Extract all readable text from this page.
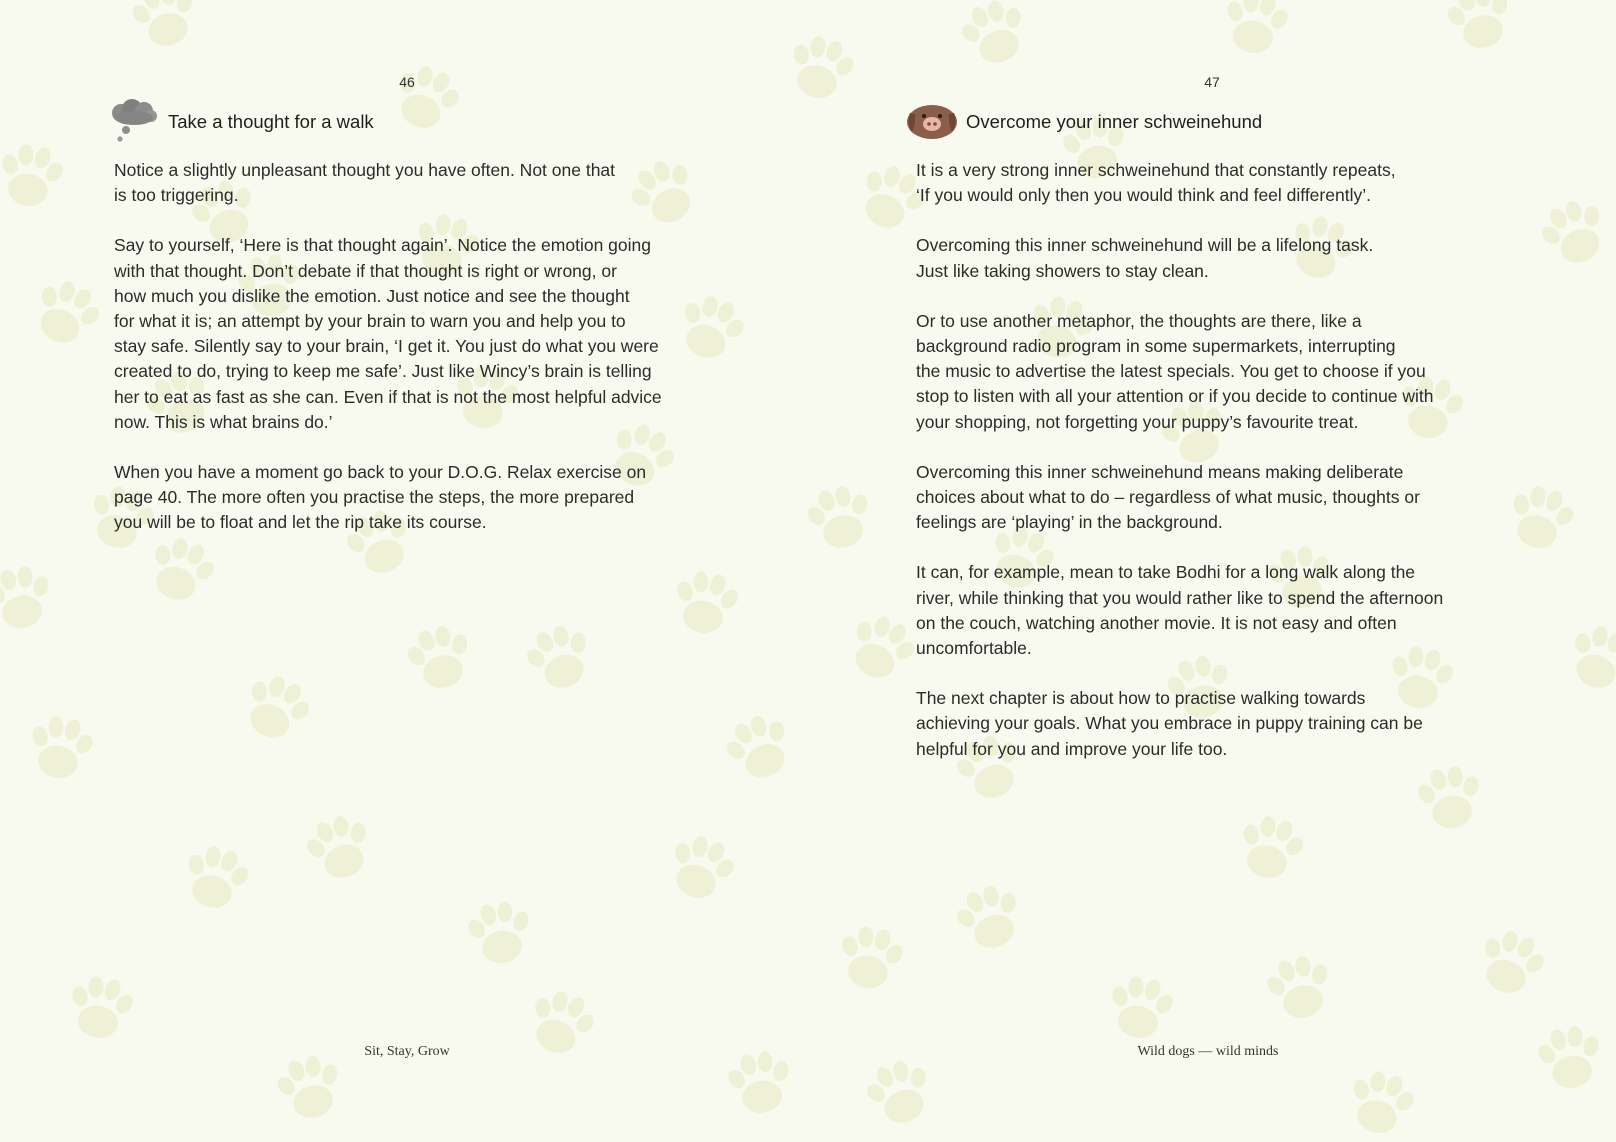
46
Take a thought for a walk

Notice a slightly unpleasant thought you have often. Not one that
is too triggering.

Say to yourself, ‘Here is that thought again’. Notice the emotion going
with that thought. Don’t debate if that thought is right or wrong, or
how much you dislike the emotion. Just notice and see the thought
for what it is; an attempt by your brain to warn you and help you to
stay safe. Silently say to your brain, ‘I get it. You just do what you were
created to do, trying to keep me safe’. Just like Wincy’s brain is telling
her to eat as fast as she can. Even if that is not the most helpful advice
now. This is what brains do.’

When you have a moment go back to your D.O.G. Relax exercise on
page 40. The more often you practise the steps, the more prepared
you will be to float and let the rip take its course.

Sit, Stay, Grow
47
Overcome your inner schweinehund

It is a very strong inner schweinehund that constantly repeats,
‘If you would only then you would think and feel differently’.

Overcoming this inner schweinehund will be a lifelong task.
Just like taking showers to stay clean.

Or to use another metaphor, the thoughts are there, like a
background radio program in some supermarkets, interrupting
the music to advertise the latest specials. You get to choose if you
stop to listen with all your attention or if you decide to continue with
your shopping, not forgetting your puppy’s favourite treat.

Overcoming this inner schweinehund means making deliberate
choices about what to do – regardless of what music, thoughts or
feelings are ‘playing’ in the background.

It can, for example, mean to take Bodhi for a long walk along the
river, while thinking that you would rather like to spend the afternoon
on the couch, watching another movie. It is not easy and often
uncomfortable.

The next chapter is about how to practise walking towards
achieving your goals. What you embrace in puppy training can be
helpful for you and improve your life too.

Wild dogs — wild minds
